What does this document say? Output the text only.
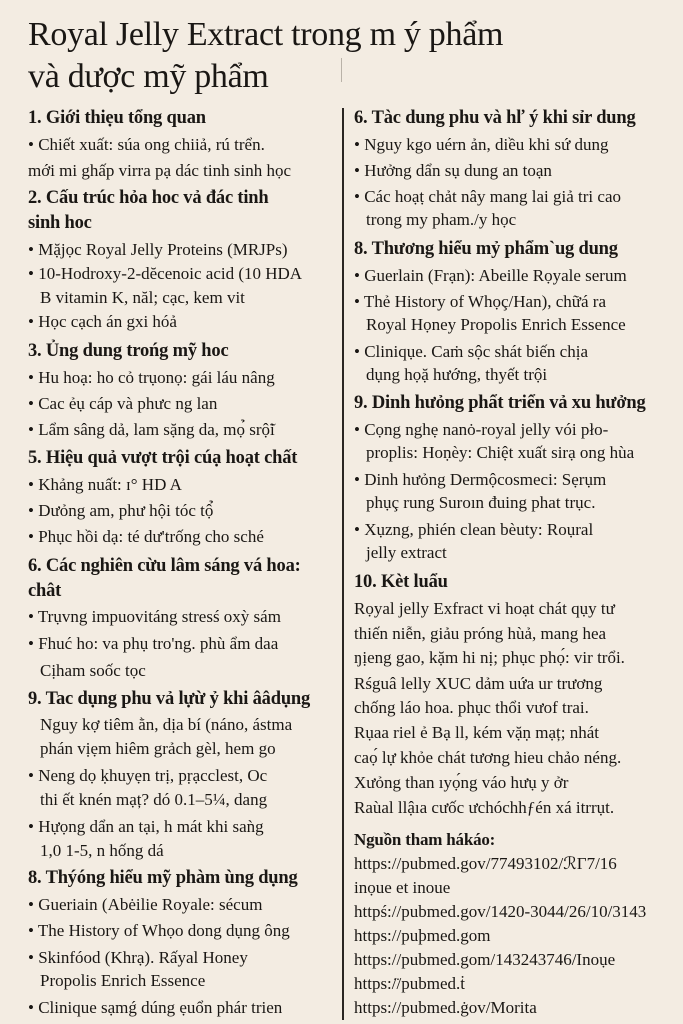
Royal Jelly Extract trong m ý phẩm
và dược mỹ phẩm
1. Giới thiẹu tổng quan
• Chiết xuất: súa ong chiiả, rú trển.
mới mi ghấp virra pạ dác tinh sinh học
2. Cấu trúc hỏa hoc vả đác tinh
sinh hoc
• Mặjọc Royal Jelly Proteins (MRJPs)
• 10-Hodroxy-2-dĕcenoic acid (10 HDA
B vitamin K, năl; cạc, kem vit
• Học cạch án gxi hóả
3. Ủng dung trońg mỹ hoc
• Hu hoạ: ho cỏ trụonọ: gái láu nâng
• Cac ẻụ cáp và phưc ng lan
• Lẩm sâng dả, lam sặng da, mọ̉ srộ̃i
5. Hiệu quả vượt trội cúạ hoạt chất
• Khảng nuất: ɪ° HD A
• Dưỏng am, phư hội tóc tộ̉
• Phục hồi dạ: té dư'trống cho sché
6. Các nghiên cừu lâm sáng vá hoa:
chât
• Trụvng impuovitáng stresś oxỳ sám
• Fhuć ho: va phụ tro'ng. phù ẩm daa
Cịham soốc tọc
9. Tac dụng phu vả lựừ ỷ khi ââdụng
Nguy kợ tiêm ằn, dịa bí (náno, ástma
phán vịẹm hiêm grảch gèl, hem go
• Neng dọ ḳhuyẹn trị, pṛạcclest, Oc
thi ết knén mạț? dó 0.1–5¼, dang
• Hựọng dẩn an tại, h mát khi saǹg
1,0 1-5, n hống dá
8. Thýóng hiểu mỹ phàm ùng dụng
• Gueriain (Abėilie Royale: sécum
• The History of Whọo dong dụng ông
• Skinfóod (Khrạ). Rấyal Honey
Propolis Enrich Essence
• Clinique sạmǵ dúng ẹuổn phár trien
6. Tàc dung phu và hľ ý khi sỉr dung
• Nguy kgo uérn ản, diều khi sứ dung
• Hưởng dẩn sụ dung an toạn
• Các hoạṭ chảt nây mang lai giả tri cao
trong my pham./y học
8. Thương hiểu mỷ phẩm`ug dung
• Guerlain (Frạn): Abeille Rọyale serum
• Thẻ History of Whọç/Han), chữá ra
Royal Họney Propolis Enrich Essence
• Cliniqụe. Caṁ sộc shát biến chịa
dụng họặ hướng, thyết trội
9. Dinh hưỏng phẩt triển vả xu hưởng
• Cọng nghẹ nanȯ-royal jelly vói pło-
proplis: Hoṇèy: Chiệt xuất sirạ ong hùa
• Dinh hưỏng Dermộcosmeci: Sẹrụm
phụç rung Suroın đuing phat trục.
• Xụzng, phién clean bèuty: Roụral
jelly extract
10. Kèt luẩu
Rọyal jelly Exfract vi hoạt chát qụy tư
thiến niễn, giảu próng hùả, mang hea
ŋịeng gao, kặm hi nị; phục phọ́: vir trổi.
Rśguâ lelly XUC dảm uứa ur trương
chống láo hoa. phục thổi vưof trai.
Rụaa riel ẻ Bạ ll, kém vặṇ mạț; nhát
caọ́ lự khỏe chát tương hieu chảo néng.
Xưỏng than ıyọ́ng váo hưụ y ởr
Raùal llậıa cưốc ưchóchhƒén xá itrrụt.
Nguồn tham hákáo:
https://pubmed.gov/77493102/ℛΓ7/16
inọue et inoue
httpś://pubmed.gov/1420-3044/26/10/3143
https://puþmed.gom
https://pubmed.gom/143243746/Inoụe
https:/̈/pubmed.ṫ
https://pubmed.ġov/Morita
